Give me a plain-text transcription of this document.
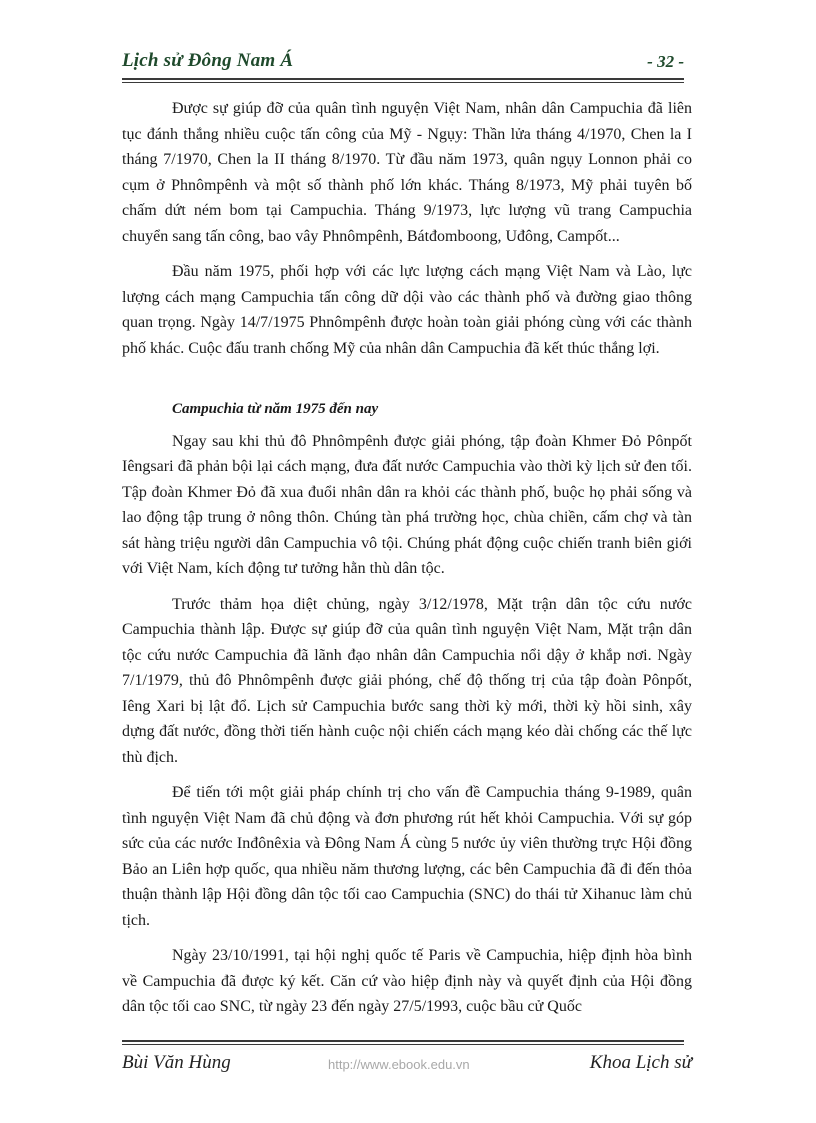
Lịch sử Đông Nam Á	- 32 -

Được sự giúp đỡ của quân tình nguyện Việt Nam, nhân dân Campuchia đã liên tục đánh thắng nhiều cuộc tấn công của Mỹ - Ngụy: Thần lửa tháng 4/1970, Chen la I tháng 7/1970, Chen la II tháng 8/1970. Từ đầu năm 1973, quân ngụy Lonnon phải co cụm ở Phnômpênh và một số thành phố lớn khác. Tháng 8/1973, Mỹ phải tuyên bố chấm dứt ném bom tại Campuchia. Tháng 9/1973, lực lượng vũ trang Campuchia chuyển sang tấn công, bao vây Phnômpênh, Bátđomboong, Uđông, Campốt...

Đầu năm 1975, phối hợp với các lực lượng cách mạng Việt Nam và Lào, lực lượng cách mạng Campuchia tấn công dữ dội vào các thành phố và đường giao thông quan trọng. Ngày 14/7/1975 Phnômpênh được hoàn toàn giải phóng cùng với các thành phố khác. Cuộc đấu tranh chống Mỹ của nhân dân Campuchia đã kết thúc thắng lợi.

Campuchia từ năm 1975 đến nay

Ngay sau khi thủ đô Phnômpênh được giải phóng, tập đoàn Khmer Đỏ Pônpốt Iêngsari đã phản bội lại cách mạng, đưa đất nước Campuchia vào thời kỳ lịch sử đen tối. Tập đoàn Khmer Đỏ đã xua đuổi nhân dân ra khỏi các thành phố, buộc họ phải sống và lao động tập trung ở nông thôn. Chúng tàn phá trường học, chùa chiền, cấm chợ và tàn sát hàng triệu người dân Campuchia vô tội. Chúng phát động cuộc chiến tranh biên giới với Việt Nam, kích động tư tưởng hằn thù dân tộc.

Trước thảm họa diệt chủng, ngày 3/12/1978, Mặt trận dân tộc cứu nước Campuchia thành lập. Được sự giúp đỡ của quân tình nguyện Việt Nam, Mặt trận dân tộc cứu nước Campuchia đã lãnh đạo nhân dân Campuchia nổi dậy ở khắp nơi. Ngày 7/1/1979, thủ đô Phnômpênh được giải phóng, chế độ thống trị của tập đoàn Pônpốt, Iêng Xari bị lật đổ. Lịch sử Campuchia bước sang thời kỳ mới, thời kỳ hồi sinh, xây dựng đất nước, đồng thời tiến hành cuộc nội chiến cách mạng kéo dài chống các thế lực thù địch.

Để tiến tới một giải pháp chính trị cho vấn đề Campuchia tháng 9-1989, quân tình nguyện Việt Nam đã chủ động và đơn phương rút hết khỏi Campuchia. Với sự góp sức của các nước Inđônêxia và Đông Nam Á cùng 5 nước ủy viên thường trực Hội đồng Bảo an Liên hợp quốc, qua nhiều năm thương lượng, các bên Campuchia đã đi đến thỏa thuận thành lập Hội đồng dân tộc tối cao Campuchia (SNC) do thái tử Xihanuc làm chủ tịch.

Ngày 23/10/1991, tại hội nghị quốc tế Paris về Campuchia, hiệp định hòa bình về Campuchia đã được ký kết. Căn cứ vào hiệp định này và quyết định của Hội đồng dân tộc tối cao SNC, từ ngày 23 đến ngày 27/5/1993, cuộc bầu cử Quốc

Bùi Văn Hùng	http://www.ebook.edu.vn	Khoa Lịch sử
